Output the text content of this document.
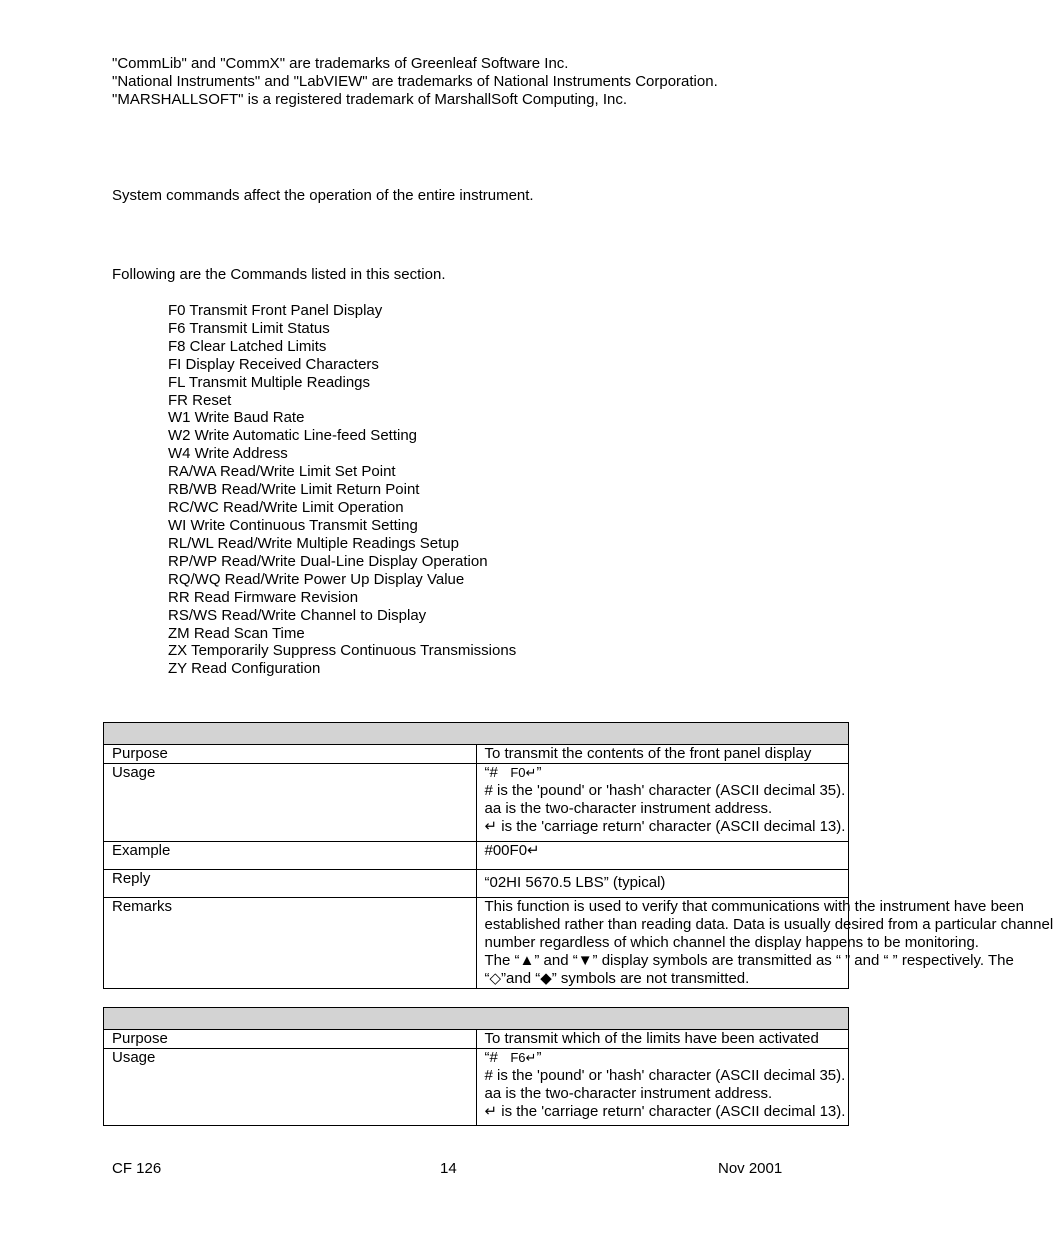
"CommLib" and "CommX" are trademarks of Greenleaf Software Inc.
"National Instruments" and "LabVIEW" are trademarks of National Instruments Corporation.
"MARSHALLSOFT" is a registered trademark of MarshallSoft Computing, Inc.
System commands affect the operation of the entire instrument.
Following are the Commands listed in this section.
F0 Transmit Front Panel Display
F6 Transmit Limit Status
F8 Clear Latched Limits
FI Display Received Characters
FL Transmit Multiple Readings
FR Reset
W1 Write Baud Rate
W2 Write Automatic Line-feed Setting
W4 Write Address
RA/WA Read/Write Limit Set Point
RB/WB Read/Write Limit Return Point
RC/WC Read/Write Limit Operation
WI Write Continuous Transmit Setting
RL/WL Read/Write Multiple Readings Setup
RP/WP Read/Write Dual-Line Display Operation
RQ/WQ Read/Write Power Up Display Value
RR Read Firmware Revision
RS/WS Read/Write Channel to Display
ZM Read Scan Time
ZX Temporarily Suppress Continuous Transmissions
ZY Read Configuration

Purpose	To transmit the contents of the front panel display
Usage	“# F0↵”
# is the 'pound' or 'hash' character (ASCII decimal 35).
aa is the two-character instrument address.
↵ is the 'carriage return' character (ASCII decimal 13).

Example	#00F0↵
Reply	“02HI 5670.5 LBS” (typical)
Remarks	This function is used to verify that communications with the instrument have been
established rather than reading data. Data is usually desired from a particular channel
number regardless of which channel the display happens to be monitoring.
The “▲” and “▼” display symbols are transmitted as “ ” and “ ” respectively. The
“◇”and “◆” symbols are not transmitted.

Purpose	To transmit which of the limits have been activated
Usage	“# F6↵”
# is the 'pound' or 'hash' character (ASCII decimal 35).
aa is the two-character instrument address.
↵ is the 'carriage return' character (ASCII decimal 13).
CF 126	14	Nov 2001
